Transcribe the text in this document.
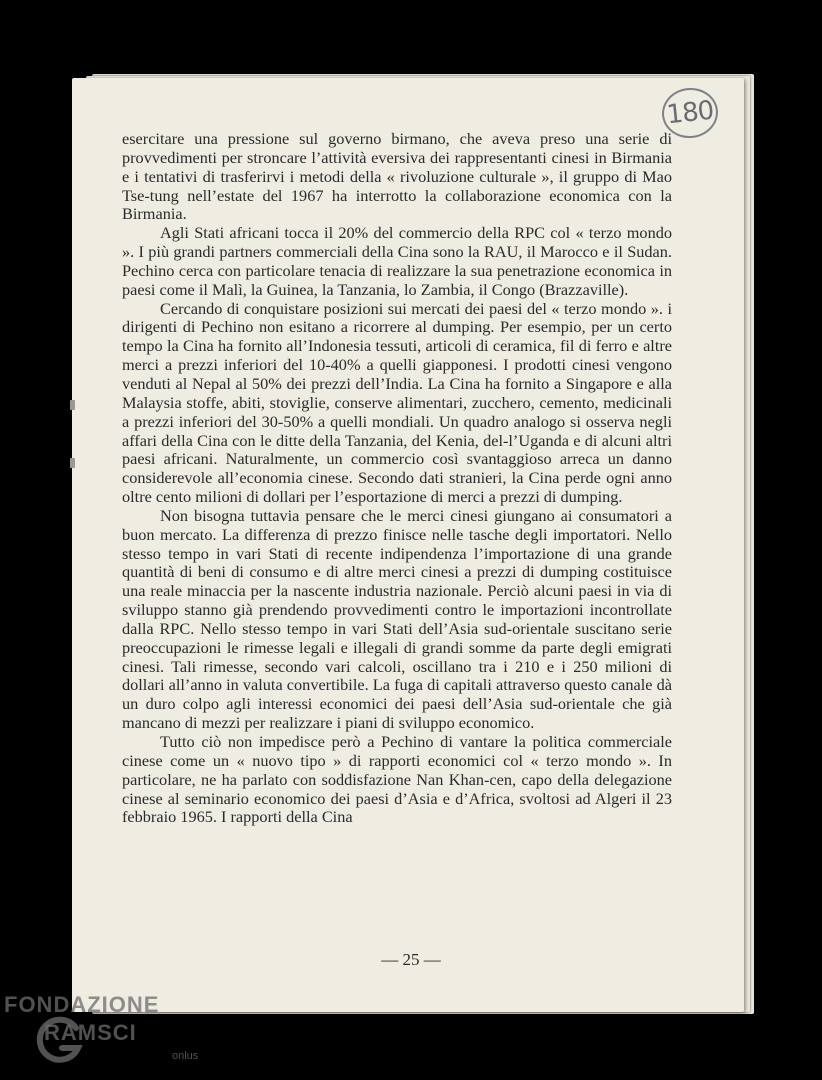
180

esercitare una pressione sul governo birmano, che aveva preso una serie di provvedimenti per stroncare l’attività eversiva dei rappresentanti cinesi in Birmania e i tentativi di trasferirvi i metodi della « rivoluzione culturale », il gruppo di Mao Tse-tung nell’estate del 1967 ha interrotto la collaborazione economica con la Birmania.

Agli Stati africani tocca il 20% del commercio della RPC col « terzo mondo ». I più grandi partners commerciali della Cina sono la RAU, il Marocco e il Sudan. Pechino cerca con particolare tenacia di realizzare la sua penetrazione economica in paesi come il Malì, la Guinea, la Tanzania, lo Zambia, il Congo (Brazzaville).

Cercando di conquistare posizioni sui mercati dei paesi del « terzo mondo ». i dirigenti di Pechino non esitano a ricorrere al dumping. Per esempio, per un certo tempo la Cina ha fornito all’Indonesia tessuti, articoli di ceramica, fil di ferro e altre merci a prezzi inferiori del 10-40% a quelli giapponesi. I prodotti cinesi vengono venduti al Nepal al 50% dei prezzi dell’India. La Cina ha fornito a Singapore e alla Malaysia stoffe, abiti, stoviglie, conserve alimentari, zucchero, cemento, medicinali a prezzi inferiori del 30-50% a quelli mondiali. Un quadro analogo si osserva negli affari della Cina con le ditte della Tanzania, del Kenia, del-l’Uganda e di alcuni altri paesi africani. Naturalmente, un commercio così svantaggioso arreca un danno considerevole all’economia cinese. Secondo dati stranieri, la Cina perde ogni anno oltre cento milioni di dollari per l’esportazione di merci a prezzi di dumping.

Non bisogna tuttavia pensare che le merci cinesi giungano ai consumatori a buon mercato. La differenza di prezzo finisce nelle tasche degli importatori. Nello stesso tempo in vari Stati di recente indipendenza l’importazione di una grande quantità di beni di consumo e di altre merci cinesi a prezzi di dumping costituisce una reale minaccia per la nascente industria nazionale. Perciò alcuni paesi in via di sviluppo stanno già prendendo provvedimenti contro le importazioni incontrollate dalla RPC. Nello stesso tempo in vari Stati dell’Asia sud-orientale suscitano serie preoccupazioni le rimesse legali e illegali di grandi somme da parte degli emigrati cinesi. Tali rimesse, secondo vari calcoli, oscillano tra i 210 e i 250 milioni di dollari all’anno in valuta convertibile. La fuga di capitali attraverso questo canale dà un duro colpo agli interessi economici dei paesi dell’Asia sud-orientale che già mancano di mezzi per realizzare i piani di sviluppo economico.

Tutto ciò non impedisce però a Pechino di vantare la politica commerciale cinese come un « nuovo tipo » di rapporti economici col « terzo mondo ». In particolare, ne ha parlato con soddisfazione Nan Khan-cen, capo della delegazione cinese al seminario economico dei paesi d’Asia e d’Africa, svoltosi ad Algeri il 23 febbraio 1965. I rapporti della Cina

— 25 —
FONDAZIONE
RAMSCI
onlus
